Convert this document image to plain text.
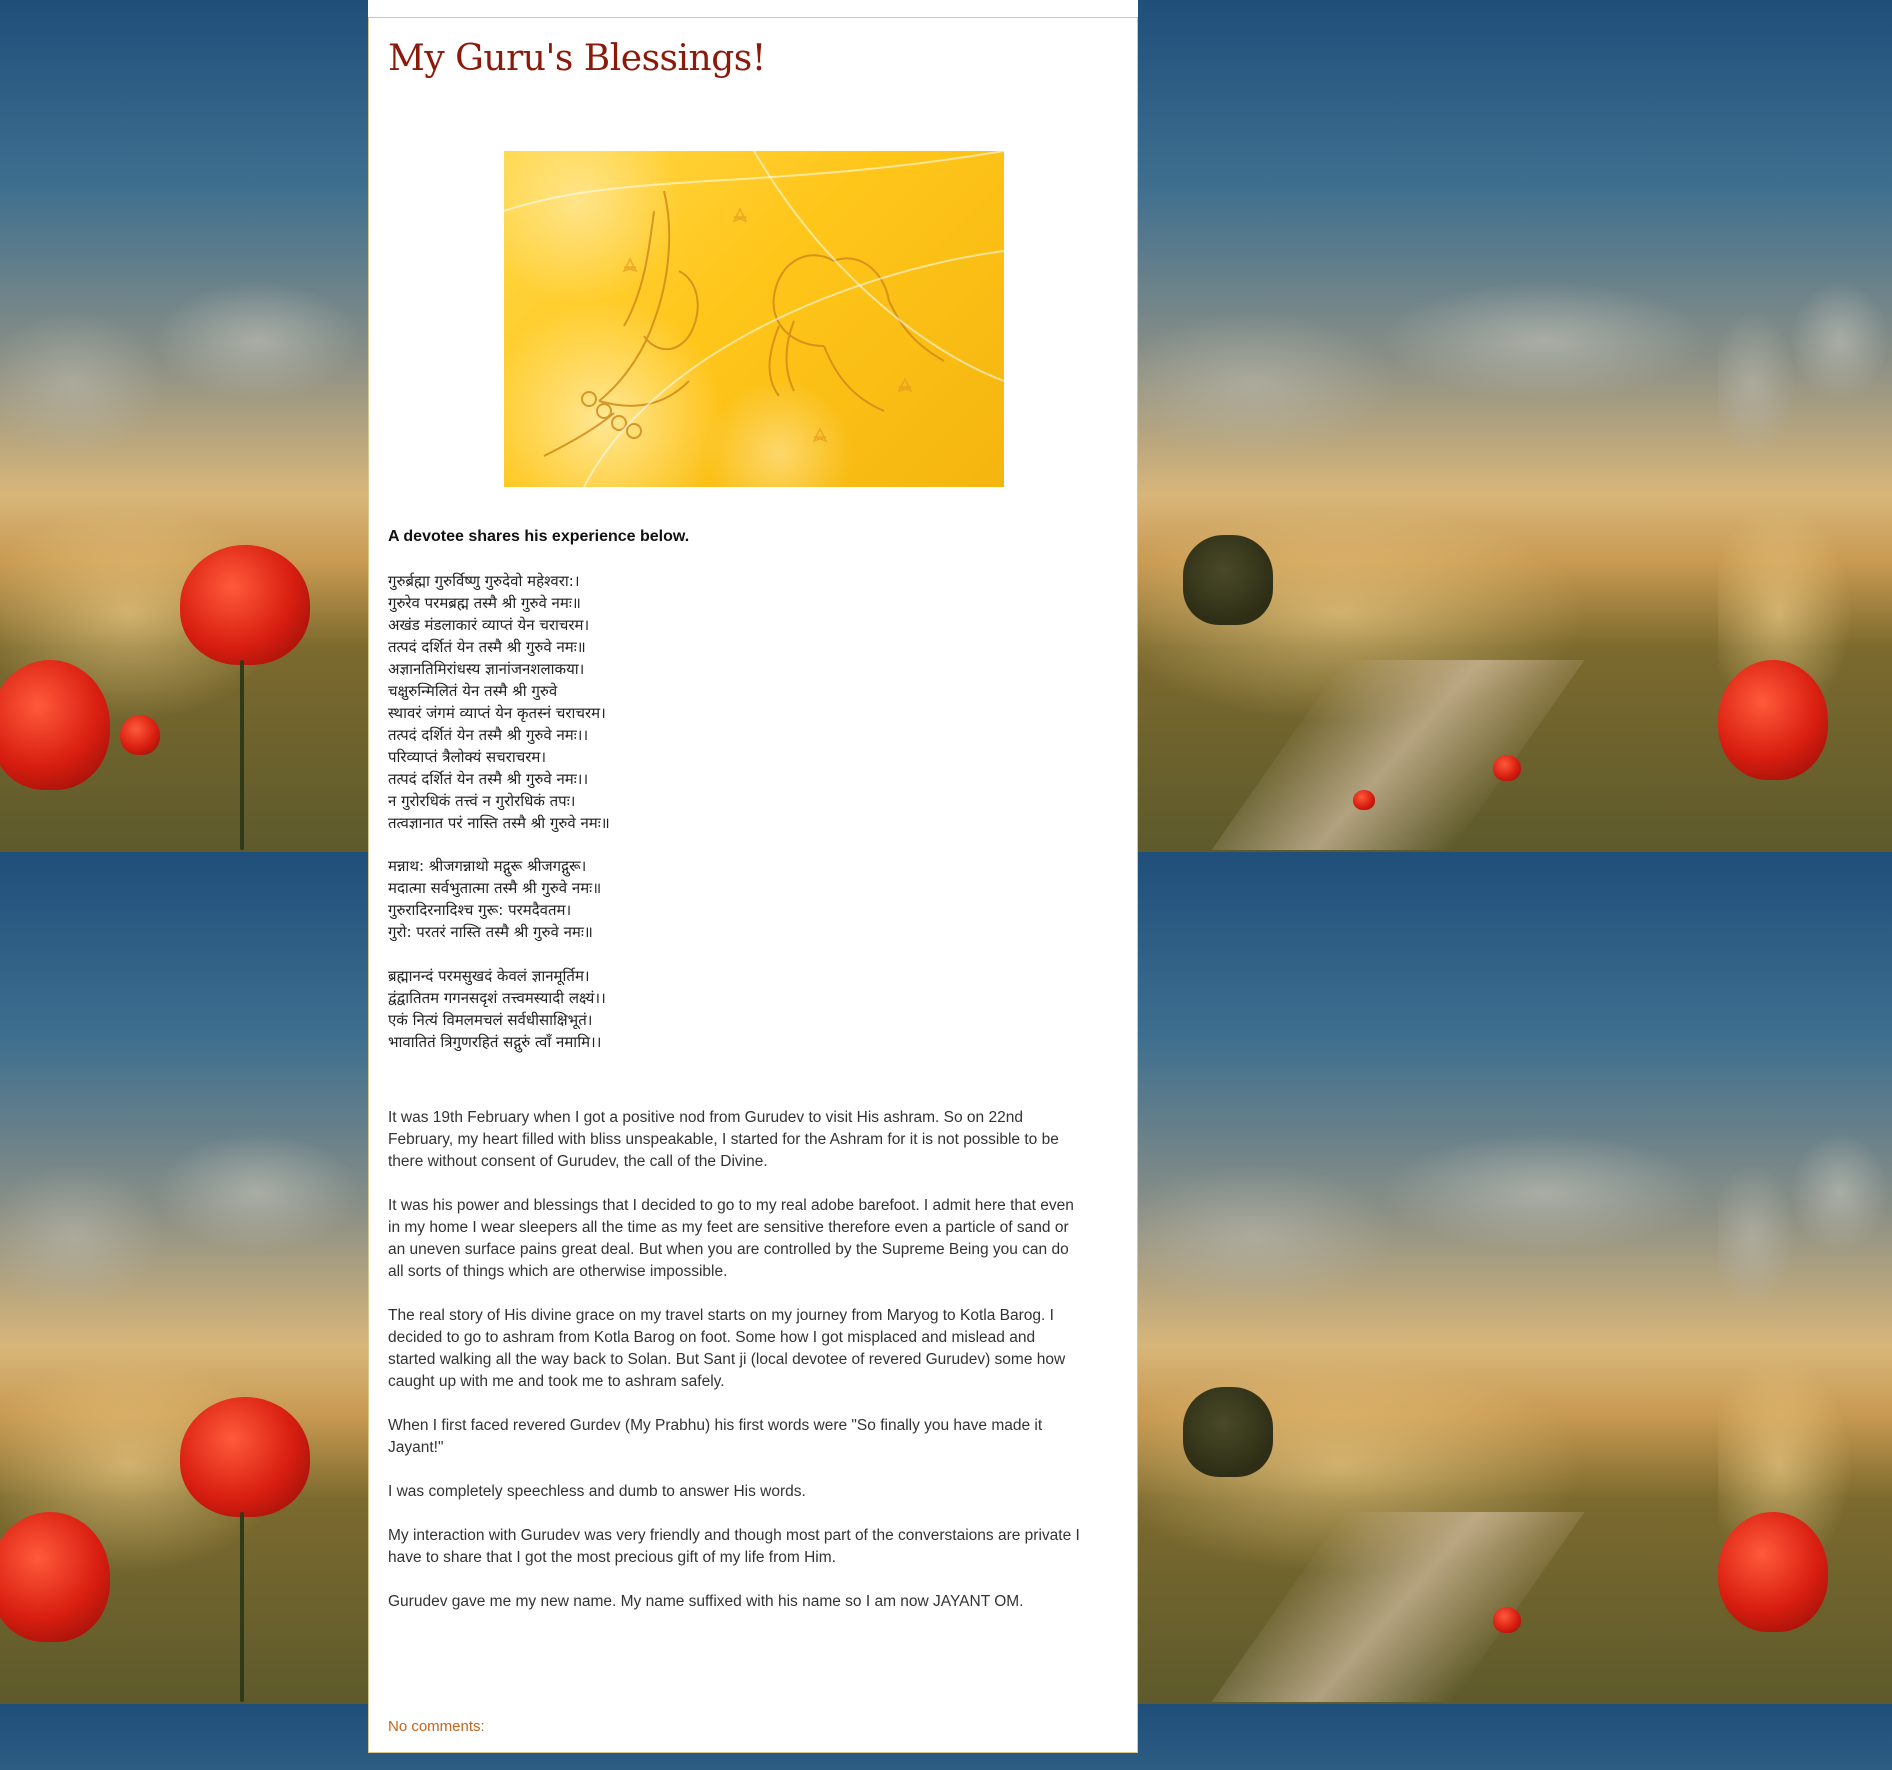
My Guru's Blessings!
A devotee shares his experience below.
गुरुर्ब्रह्मा गुरुर्विष्णु गुरुदेवो महेश्वरा:।
गुरुरेव परमब्रह्म तस्मै श्री गुरुवे नमः॥
अखंड मंडलाकारं व्याप्तं येन चराचरम।
तत्पदं दर्शितं येन तस्मै श्री गुरुवे नमः॥
अज्ञानतिमिरांधस्य ज्ञानांजनशलाकया।
चक्षुरुन्मिलितं येन तस्मै श्री गुरुवे
स्थावरं जंगमं व्याप्तं येन कृतस्नं चराचरम।
तत्पदं दर्शितं येन तस्मै श्री गुरुवे नमः।।
परिव्याप्तं त्रैलोक्यं सचराचरम।
तत्पदं दर्शितं येन तस्मै श्री गुरुवे नमः।।
न गुरोरधिकं तत्त्वं न गुरोरधिकं तपः।
तत्वज्ञानात परं नास्ति तस्मै श्री गुरुवे नमः॥
मन्नाथ: श्रीजगन्नाथो मद्गुरू श्रीजगद्गुरू।
मदात्मा सर्वभुतात्मा तस्मै श्री गुरुवे नमः॥
गुरुरादिरनादिश्च गुरू: परमदैवतम।
गुरो: परतरं नास्ति तस्मै श्री गुरुवे नमः॥
ब्रह्मानन्दं परमसुखदं केवलं ज्ञानमूर्तिम।
द्वंद्वातितम गगनसदृशं तत्त्वमस्यादी लक्ष्यं।।
एकं नित्यं विमलमचलं सर्वधीसाक्षिभूतं।
भावातितं त्रिगुणरहितं सद्गुरुं त्वाँ नमामि।।
It was 19th February when I got a positive nod from Gurudev to visit His ashram. So on 22nd
February, my heart filled with bliss unspeakable, I started for the Ashram for it is not possible to be
there without consent of Gurudev, the call of the Divine.
It was his power and blessings that I decided to go to my real adobe barefoot. I admit here that even
in my home I wear sleepers all the time as my feet are sensitive therefore even a particle of sand or
an uneven surface pains great deal. But when you are controlled by the Supreme Being you can do
all sorts of things which are otherwise impossible.
The real story of His divine grace on my travel starts on my journey from Maryog to Kotla Barog. I
decided to go to ashram from Kotla Barog on foot. Some how I got misplaced and mislead and
started walking all the way back to Solan. But Sant ji (local devotee of revered Gurudev) some how
caught up with me and took me to ashram safely.
When I first faced revered Gurdev (My Prabhu) his first words were "So finally you have made it
Jayant!"
I was completely speechless and dumb to answer His words.
My interaction with Gurudev was very friendly and though most part of the converstaions are private I
have to share that I got the most precious gift of my life from Him.
Gurudev gave me my new name. My name suffixed with his name so I am now JAYANT OM.
No comments:
